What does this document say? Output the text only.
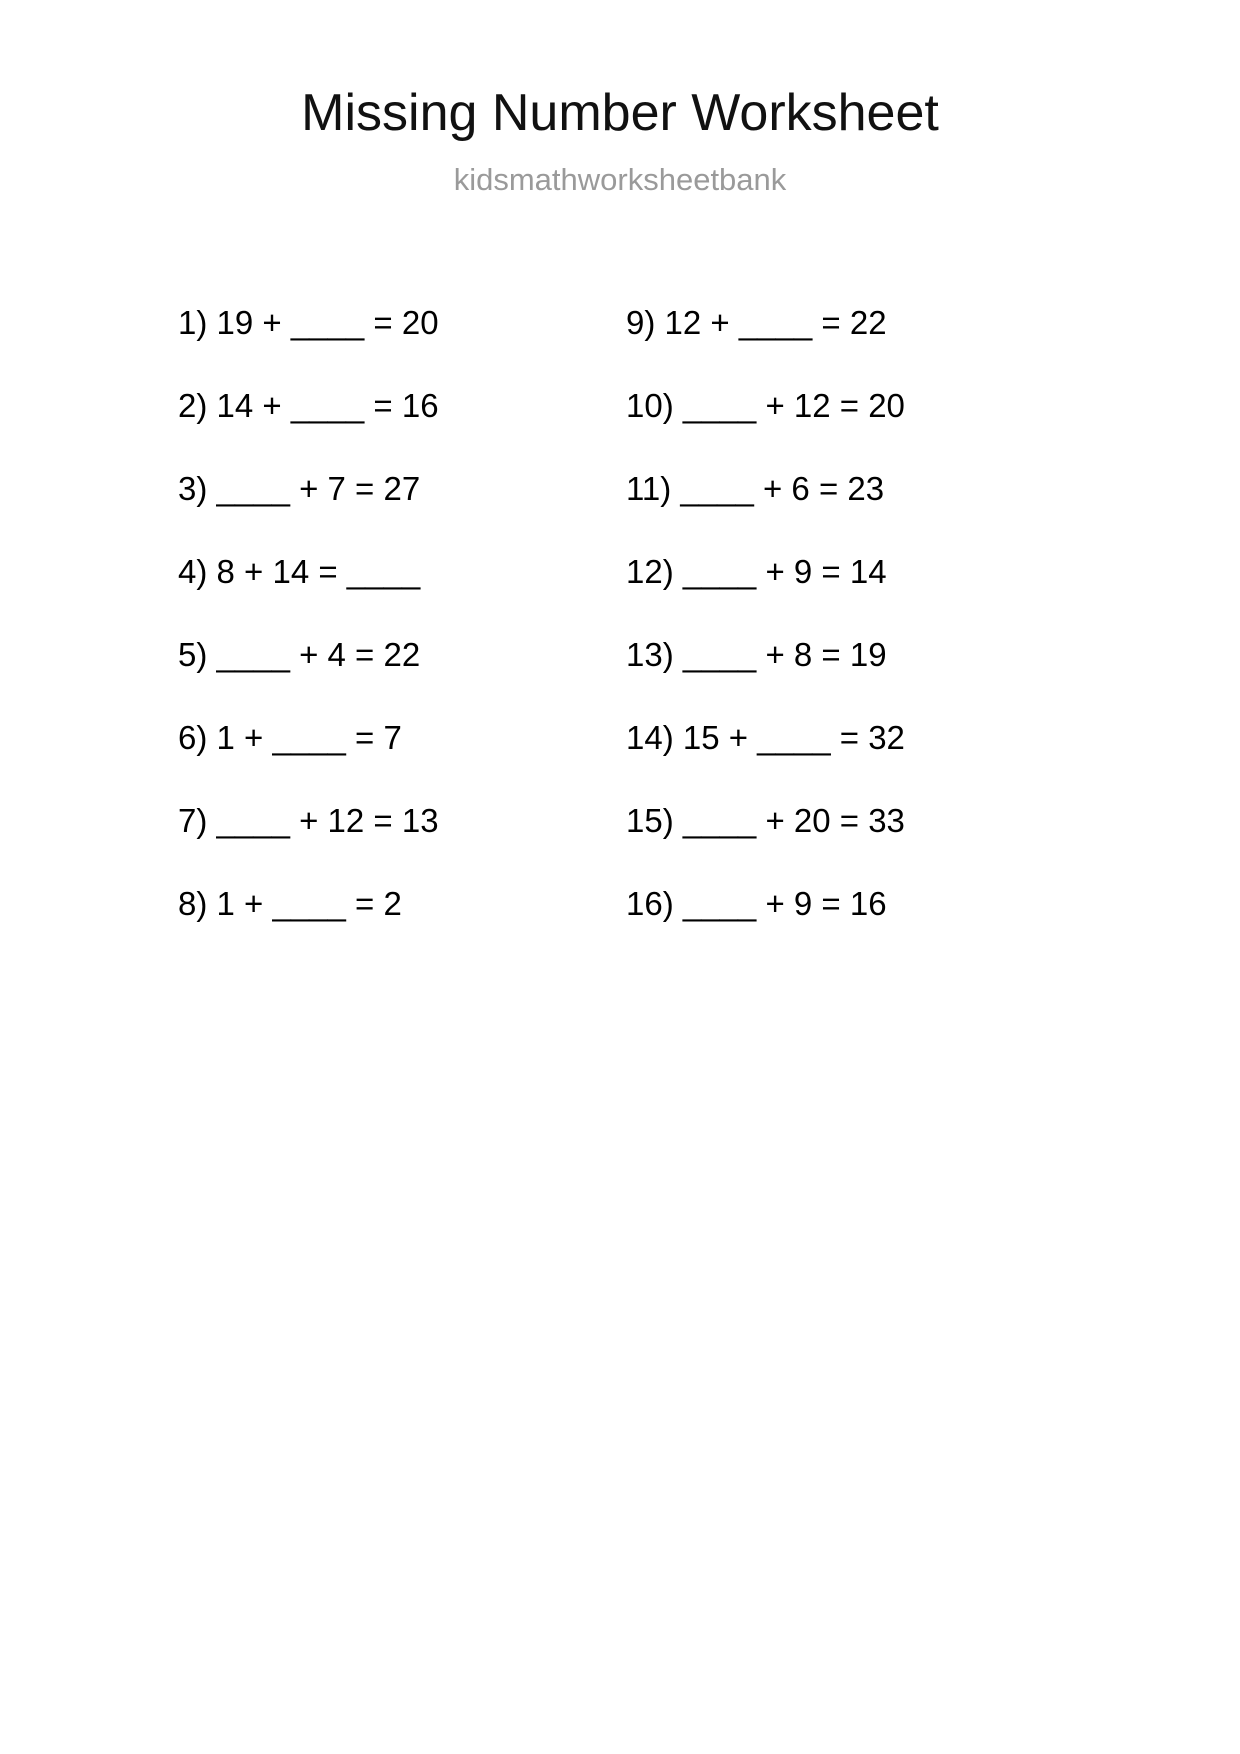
Missing Number Worksheet
kidsmathworksheetbank
1) 19 + ____ = 20
2) 14 + ____ = 16
3) ____ + 7 = 27
4) 8 + 14 = ____
5) ____ + 4 = 22
6) 1 + ____ = 7
7) ____ + 12 = 13
8) 1 + ____ = 2
9) 12 + ____ = 22
10) ____ + 12 = 20
11) ____ + 6 = 23
12) ____ + 9 = 14
13) ____ + 8 = 19
14) 15 + ____ = 32
15) ____ + 20 = 33
16) ____ + 9 = 16
